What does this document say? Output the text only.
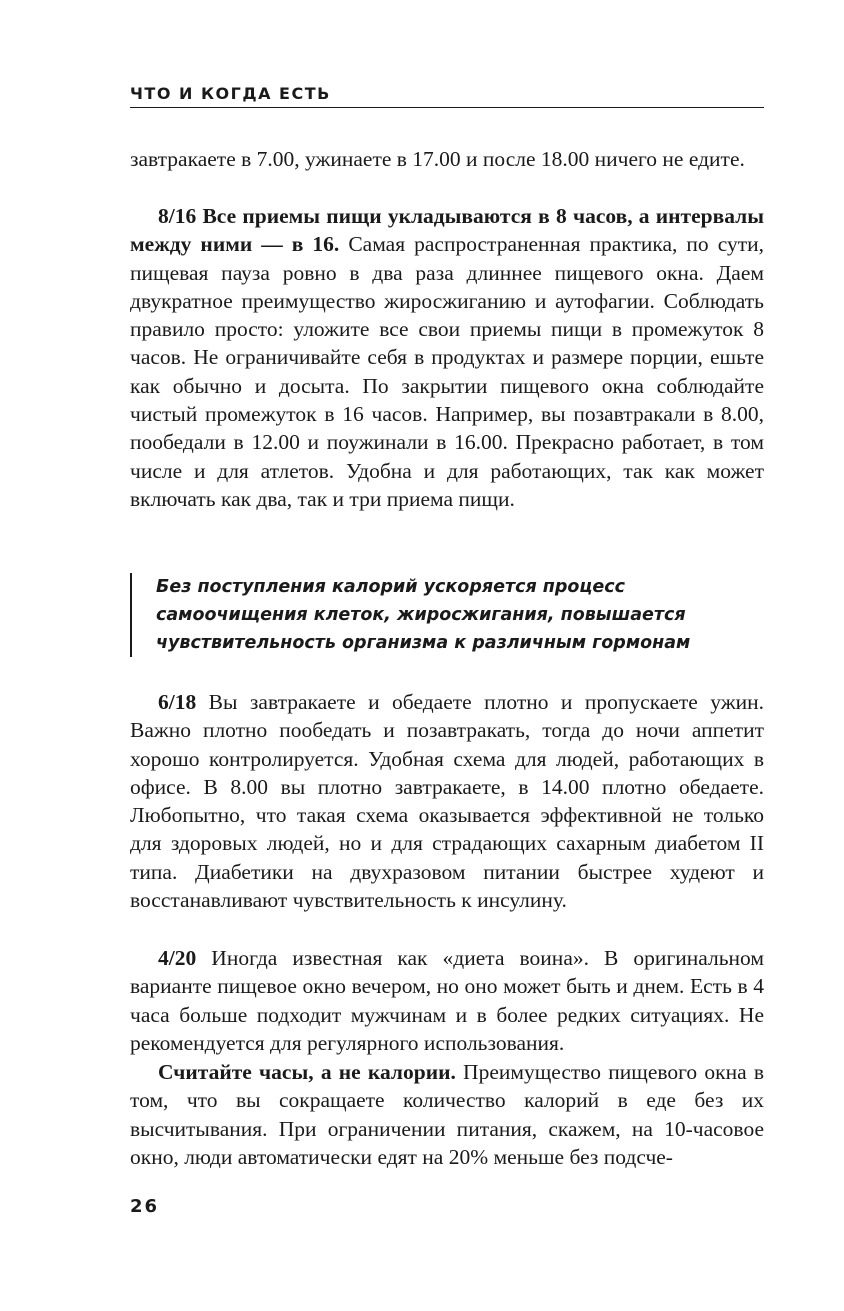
ЧТО И КОГДА ЕСТЬ

завтракаете в 7.00, ужинаете в 17.00 и после 18.00 ничего не едите.

8/16 Все приемы пищи укладываются в 8 часов, а интервалы между ними — в 16. Самая распространенная практика, по сути, пищевая пауза ровно в два раза длиннее пищевого окна. Даем двукратное преимущество жиросжиганию и аутофагии. Соблюдать правило просто: уложите все свои приемы пищи в промежуток 8 часов. Не ограничивайте себя в продуктах и размере порции, ешьте как обычно и досыта. По закрытии пищевого окна соблюдайте чистый промежуток в 16 часов. Например, вы позавтракали в 8.00, пообедали в 12.00 и поужинали в 16.00. Прекрасно работает, в том числе и для атлетов. Удобна и для работающих, так как может включать как два, так и три приема пищи.

Без поступления калорий ускоряется процесс самоочищения клеток, жиросжигания, повышается чувствительность организма к различным гормонам

6/18 Вы завтракаете и обедаете плотно и пропускаете ужин. Важно плотно пообедать и позавтракать, тогда до ночи аппетит хорошо контролируется. Удобная схема для людей, работающих в офисе. В 8.00 вы плотно завтракаете, в 14.00 плотно обедаете. Любопытно, что такая схема оказывается эффективной не только для здоровых людей, но и для страдающих сахарным диабетом II типа. Диабетики на двухразовом питании быстрее худеют и восстанавливают чувствительность к инсулину.

4/20 Иногда известная как «диета воина». В оригинальном варианте пищевое окно вечером, но оно может быть и днем. Есть в 4 часа больше подходит мужчинам и в более редких ситуациях. Не рекомендуется для регулярного использования.

Считайте часы, а не калории. Преимущество пищевого окна в том, что вы сокращаете количество калорий в еде без их высчитывания. При ограничении питания, скажем, на 10-часовое окно, люди автоматически едят на 20% меньше без подсче-

26
